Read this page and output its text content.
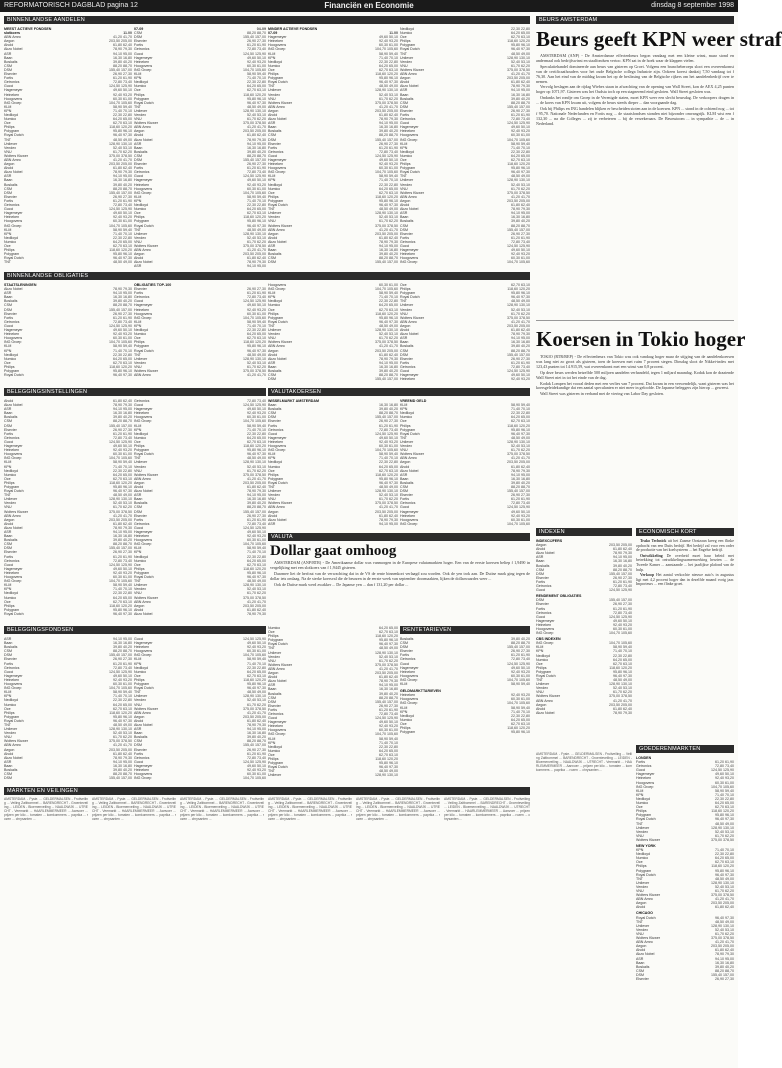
REFORMATORISCH DAGBLAD pagina 12	Financiën en Economie	dinsdag 8 september 1998
BINNENLANDSE AANDELEN
MEEST ACTIEVE FONDSEN
slotkoers	11.00
ABN Amro	41,20 41,70
Aegon	203,50 205,00
Ahold	61,80 62,40
Akzo Nobel	78,90 79,30
ASR	94,10 95,00
Baan	16,30 16,80
Boskalis	39,80 40,20
CSM	88,20 88,70
DSM	155,40 157,00
Elsevier	26,90 27,30
Fortis	61,20 61,90
Getronics	72,80 73,40
Gucci	124,50 125,90
Hagemeyer	49,60 50,10
Heineken	92,40 93,20
Hoogovens	60,30 61,00
ING Groep	104,70 105,60
KLM	58,90 59,40
KPN	71,40 70,10
Nedlloyd	22,30 22,80
Numico	64,20 65,00
Oce	62,70 63,10
Philips	118,60 120,20
Polygram	95,80 96,10
Royal Dutch	96,40 97,30
TNT	48,50 49,00
Unilever	128,90 130,10
Vendex	52,40 53,10
VNU	61,70 62,20
Wolters Kluwer	375,00 378,50
ABN Amro	41,20 41,70
Aegon	203,50 205,00
Ahold	61,80 62,40
Akzo Nobel	78,90 79,30
ASR	94,10 95,00
Baan	16,30 16,80
Boskalis	39,80 40,20
CSM	88,20 88,70
DSM	155,40 157,00
Elsevier	26,90 27,30
Fortis	61,20 61,90
Getronics	72,80 73,40
Gucci	124,50 125,90
Hagemeyer	49,60 50,10
Heineken	92,40 93,20
Hoogovens	60,30 61,00
ING Groep	104,70 105,60
KLM	58,90 59,40
KPN	71,40 70,10
Nedlloyd	22,30 22,80
Numico	64,20 65,00
Oce	62,70 63,10
Philips	118,60 120,20
Polygram	95,80 96,10
Royal Dutch	96,40 97,30
TNT	48,50 49,00
07-09	04-09
CSM	88,20 88,70
DSM	155,40 157,00
Elsevier	26,90 27,30
Fortis	61,20 61,90
Getronics	72,80 73,40
Gucci	124,50 125,90
Hagemeyer	49,60 50,10
Heineken	92,40 93,20
Hoogovens	60,30 61,00
ING Groep	104,70 105,60
KLM	58,90 59,40
KPN	71,40 70,10
Nedlloyd	22,30 22,80
Numico	64,20 65,00
Oce	62,70 63,10
Philips	118,60 120,20
Polygram	95,80 96,10
Royal Dutch	96,40 97,30
TNT	48,50 49,00
Unilever	128,90 130,10
Vendex	52,40 53,10
VNU	61,70 62,20
Wolters Kluwer	375,00 378,50
ABN Amro	41,20 41,70
Aegon	203,50 205,00
Ahold	61,80 62,40
Akzo Nobel	78,90 79,30
ASR	94,10 95,00
Baan	16,30 16,80
Boskalis	39,80 40,20
CSM	88,20 88,70
DSM	155,40 157,00
Elsevier	26,90 27,30
Fortis	61,20 61,90
Getronics	72,80 73,40
Gucci	124,50 125,90
Hagemeyer	49,60 50,10
Heineken	92,40 93,20
Hoogovens	60,30 61,00
ING Groep	104,70 105,60
KLM	58,90 59,40
KPN	71,40 70,10
Nedlloyd	22,30 22,80
Numico	64,20 65,00
Oce	62,70 63,10
Philips	118,60 120,20
Polygram	95,80 96,10
Royal Dutch	96,40 97,30
TNT	48,50 49,00
Unilever	128,90 130,10
Vendex	52,40 53,10
VNU	61,70 62,20
Wolters Kluwer	375,00 378,50
ABN Amro	41,20 41,70
Aegon	203,50 205,00
Ahold	61,80 62,40
Akzo Nobel	78,90 79,30
ASR	94,10 95,00
MINDER ACTIEVE FONDSEN
07-09	11.00
Hagemeyer	49,60 50,10
Heineken	92,40 93,20
Hoogovens	60,30 61,00
ING Groep	104,70 105,60
KLM	58,90 59,40
KPN	71,40 70,10
Nedlloyd	22,30 22,80
Numico	64,20 65,00
Oce	62,70 63,10
Philips	118,60 120,20
Polygram	95,80 96,10
Royal Dutch	96,40 97,30
TNT	48,50 49,00
Unilever	128,90 130,10
Vendex	52,40 53,10
VNU	61,70 62,20
Wolters Kluwer	375,00 378,50
ABN Amro	41,20 41,70
Aegon	203,50 205,00
Ahold	61,80 62,40
Akzo Nobel	78,90 79,30
ASR	94,10 95,00
Baan	16,30 16,80
Boskalis	39,80 40,20
CSM	88,20 88,70
DSM	155,40 157,00
Elsevier	26,90 27,30
Fortis	61,20 61,90
Getronics	72,80 73,40
Gucci	124,50 125,90
Hagemeyer	49,60 50,10
Heineken	92,40 93,20
Hoogovens	60,30 61,00
ING Groep	104,70 105,60
KLM	58,90 59,40
KPN	71,40 70,10
Nedlloyd	22,30 22,80
Numico	64,20 65,00
Oce	62,70 63,10
Philips	118,60 120,20
Polygram	95,80 96,10
Royal Dutch	96,40 97,30
TNT	48,50 49,00
Unilever	128,90 130,10
Vendex	52,40 53,10
VNU	61,70 62,20
Wolters Kluwer	375,00 378,50
ABN Amro	41,20 41,70
Aegon	203,50 205,00
Ahold	61,80 62,40
Akzo Nobel	78,90 79,30
ASR	94,10 95,00
Baan	16,30 16,80
Boskalis	39,80 40,20
CSM	88,20 88,70
DSM	155,40 157,00
Nedlloyd	22,30 22,80
Numico	64,20 65,00
Oce	62,70 63,10
Philips	118,60 120,20
Polygram	95,80 96,10
Royal Dutch	96,40 97,30
TNT	48,50 49,00
Unilever	128,90 130,10
Vendex	52,40 53,10
VNU	61,70 62,20
Wolters Kluwer	375,00 378,50
ABN Amro	41,20 41,70
Aegon	203,50 205,00
Ahold	61,80 62,40
Akzo Nobel	78,90 79,30
ASR	94,10 95,00
Baan	16,30 16,80
Boskalis	39,80 40,20
CSM	88,20 88,70
DSM	155,40 157,00
Elsevier	26,90 27,30
Fortis	61,20 61,90
Getronics	72,80 73,40
Gucci	124,50 125,90
Hagemeyer	49,60 50,10
Heineken	92,40 93,20
Hoogovens	60,30 61,00
ING Groep	104,70 105,60
KLM	58,90 59,40
KPN	71,40 70,10
Nedlloyd	22,30 22,80
Numico	64,20 65,00
Oce	62,70 63,10
Philips	118,60 120,20
Polygram	95,80 96,10
Royal Dutch	96,40 97,30
TNT	48,50 49,00
Unilever	128,90 130,10
Vendex	52,40 53,10
VNU	61,70 62,20
Wolters Kluwer	375,00 378,50
ABN Amro	41,20 41,70
Aegon	203,50 205,00
Ahold	61,80 62,40
Akzo Nobel	78,90 79,30
ASR	94,10 95,00
Baan	16,30 16,80
Boskalis	39,80 40,20
CSM	88,20 88,70
DSM	155,40 157,00
Elsevier	26,90 27,30
Fortis	61,20 61,90
Getronics	72,80 73,40
Gucci	124,50 125,90
Hagemeyer	49,60 50,10
Heineken	92,40 93,20
Hoogovens	60,30 61,00
ING Groep	104,70 105,60
BINNENLANDSE OBLIGATIES
STAATSLENINGEN
Akzo Nobel	78,90 79,30
ASR	94,10 95,00
Baan	16,30 16,80
Boskalis	39,80 40,20
CSM	88,20 88,70
DSM	155,40 157,00
Elsevier	26,90 27,30
Fortis	61,20 61,90
Getronics	72,80 73,40
Gucci	124,50 125,90
Hagemeyer	49,60 50,10
Heineken	92,40 93,20
Hoogovens	60,30 61,00
ING Groep	104,70 105,60
KLM	58,90 59,40
KPN	71,40 70,10
Nedlloyd	22,30 22,80
Numico	64,20 65,00
Oce	62,70 63,10
Philips	118,60 120,20
Polygram	95,80 96,10
Royal Dutch	96,40 97,30
OBLIGATIES TOP-100
Elsevier	26,90 27,30
Fortis	61,20 61,90
Getronics	72,80 73,40
Gucci	124,50 125,90
Hagemeyer	49,60 50,10
Heineken	92,40 93,20
Hoogovens	60,30 61,00
ING Groep	104,70 105,60
KLM	58,90 59,40
KPN	71,40 70,10
Nedlloyd	22,30 22,80
Numico	64,20 65,00
Oce	62,70 63,10
Philips	118,60 120,20
Polygram	95,80 96,10
Royal Dutch	96,40 97,30
TNT	48,50 49,00
Unilever	128,90 130,10
Vendex	52,40 53,10
VNU	61,70 62,20
Wolters Kluwer	375,00 378,50
ABN Amro	41,20 41,70
Hoogovens	60,30 61,00
ING Groep	104,70 105,60
KLM	58,90 59,40
KPN	71,40 70,10
Nedlloyd	22,30 22,80
Numico	64,20 65,00
Oce	62,70 63,10
Philips	118,60 120,20
Polygram	95,80 96,10
Royal Dutch	96,40 97,30
TNT	48,50 49,00
Unilever	128,90 130,10
Vendex	52,40 53,10
VNU	61,70 62,20
Wolters Kluwer	375,00 378,50
ABN Amro	41,20 41,70
Aegon	203,50 205,00
Ahold	61,80 62,40
Akzo Nobel	78,90 79,30
ASR	94,10 95,00
Baan	16,30 16,80
Boskalis	39,80 40,20
CSM	88,20 88,70
DSM	155,40 157,00
Oce	62,70 63,10
Philips	118,60 120,20
Polygram	95,80 96,10
Royal Dutch	96,40 97,30
TNT	48,50 49,00
Unilever	128,90 130,10
Vendex	52,40 53,10
VNU	61,70 62,20
Wolters Kluwer	375,00 378,50
ABN Amro	41,20 41,70
Aegon	203,50 205,00
Ahold	61,80 62,40
Akzo Nobel	78,90 79,30
ASR	94,10 95,00
Baan	16,30 16,80
Boskalis	39,80 40,20
CSM	88,20 88,70
DSM	155,40 157,00
Elsevier	26,90 27,30
Fortis	61,20 61,90
Getronics	72,80 73,40
Gucci	124,50 125,90
Hagemeyer	49,60 50,10
Heineken	92,40 93,20
BELEGGINGSINSTELLINGEN
Ahold	61,80 62,40
Akzo Nobel	78,90 79,30
ASR	94,10 95,00
Baan	16,30 16,80
Boskalis	39,80 40,20
CSM	88,20 88,70
DSM	155,40 157,00
Elsevier	26,90 27,30
Fortis	61,20 61,90
Getronics	72,80 73,40
Gucci	124,50 125,90
Hagemeyer	49,60 50,10
Heineken	92,40 93,20
Hoogovens	60,30 61,00
ING Groep	104,70 105,60
KLM	58,90 59,40
KPN	71,40 70,10
Nedlloyd	22,30 22,80
Numico	64,20 65,00
Oce	62,70 63,10
Philips	118,60 120,20
Polygram	95,80 96,10
Royal Dutch	96,40 97,30
TNT	48,50 49,00
Unilever	128,90 130,10
Vendex	52,40 53,10
VNU	61,70 62,20
Wolters Kluwer	375,00 378,50
ABN Amro	41,20 41,70
Aegon	203,50 205,00
Ahold	61,80 62,40
Akzo Nobel	78,90 79,30
ASR	94,10 95,00
Baan	16,30 16,80
Boskalis	39,80 40,20
CSM	88,20 88,70
DSM	155,40 157,00
Elsevier	26,90 27,30
Fortis	61,20 61,90
Getronics	72,80 73,40
Gucci	124,50 125,90
Hagemeyer	49,60 50,10
Heineken	92,40 93,20
Hoogovens	60,30 61,00
ING Groep	104,70 105,60
KLM	58,90 59,40
KPN	71,40 70,10
Nedlloyd	22,30 22,80
Numico	64,20 65,00
Oce	62,70 63,10
Philips	118,60 120,20
Polygram	95,80 96,10
Royal Dutch	96,40 97,30
Getronics	72,80 73,40
Gucci	124,50 125,90
Hagemeyer	49,60 50,10
Heineken	92,40 93,20
Hoogovens	60,30 61,00
ING Groep	104,70 105,60
KLM	58,90 59,40
KPN	71,40 70,10
Nedlloyd	22,30 22,80
Numico	64,20 65,00
Oce	62,70 63,10
Philips	118,60 120,20
Polygram	95,80 96,10
Royal Dutch	96,40 97,30
TNT	48,50 49,00
Unilever	128,90 130,10
Vendex	52,40 53,10
VNU	61,70 62,20
Wolters Kluwer	375,00 378,50
ABN Amro	41,20 41,70
Aegon	203,50 205,00
Ahold	61,80 62,40
Akzo Nobel	78,90 79,30
ASR	94,10 95,00
Baan	16,30 16,80
Boskalis	39,80 40,20
CSM	88,20 88,70
DSM	155,40 157,00
Elsevier	26,90 27,30
Fortis	61,20 61,90
Getronics	72,80 73,40
Gucci	124,50 125,90
Hagemeyer	49,60 50,10
Heineken	92,40 93,20
Hoogovens	60,30 61,00
ING Groep	104,70 105,60
KLM	58,90 59,40
KPN	71,40 70,10
Nedlloyd	22,30 22,80
Numico	64,20 65,00
Oce	62,70 63,10
Philips	118,60 120,20
Polygram	95,80 96,10
Royal Dutch	96,40 97,30
TNT	48,50 49,00
Unilever	128,90 130,10
Vendex	52,40 53,10
VNU	61,70 62,20
Wolters Kluwer	375,00 378,50
ABN Amro	41,20 41,70
Aegon	203,50 205,00
Ahold	61,80 62,40
Akzo Nobel	78,90 79,30
VALUTAKOERSEN
WISSELMARKT AMSTERDAM
Baan	16,30 16,80
Boskalis	39,80 40,20
CSM	88,20 88,70
DSM	155,40 157,00
Elsevier	26,90 27,30
Fortis	61,20 61,90
Getronics	72,80 73,40
Gucci	124,50 125,90
Hagemeyer	49,60 50,10
Heineken	92,40 93,20
Hoogovens	60,30 61,00
ING Groep	104,70 105,60
KLM	58,90 59,40
KPN	71,40 70,10
Nedlloyd	22,30 22,80
Numico	64,20 65,00
Oce	62,70 63,10
Philips	118,60 120,20
Polygram	95,80 96,10
Royal Dutch	96,40 97,30
TNT	48,50 49,00
Unilever	128,90 130,10
Vendex	52,40 53,10
VNU	61,70 62,20
Wolters Kluwer	375,00 378,50
ABN Amro	41,20 41,70
Aegon	203,50 205,00
Ahold	61,80 62,40
Akzo Nobel	78,90 79,30
ASR	94,10 95,00
VREEMD GELD
KLM	58,90 59,40
KPN	71,40 70,10
Nedlloyd	22,30 22,80
Numico	64,20 65,00
Oce	62,70 63,10
Philips	118,60 120,20
Polygram	95,80 96,10
Royal Dutch	96,40 97,30
TNT	48,50 49,00
Unilever	128,90 130,10
Vendex	52,40 53,10
VNU	61,70 62,20
Wolters Kluwer	375,00 378,50
ABN Amro	41,20 41,70
Aegon	203,50 205,00
Ahold	61,80 62,40
Akzo Nobel	78,90 79,30
ASR	94,10 95,00
Baan	16,30 16,80
Boskalis	39,80 40,20
CSM	88,20 88,70
DSM	155,40 157,00
Elsevier	26,90 27,30
Fortis	61,20 61,90
Getronics	72,80 73,40
Gucci	124,50 125,90
Hagemeyer	49,60 50,10
Heineken	92,40 93,20
Hoogovens	60,30 61,00
ING Groep	104,70 105,60
VALUTA
Dollar gaat omhoog

AMSTERDAM (ANP/RTR) - De Amerikaanse dollar was vanmorgen in de Europese valutamarkten hoger. Een van de eerste koersen beliep f 1,9490 in vergelijking met een slotkoers van f 1,9445 gisteren.

Daarmee liet de herfout van de verwachting dat in de VS de rente binnenkort verlaagd zou worden. Ook de yen trok aan. De Duitse mark ging tegen de dollar iets omlaag. Na de sterke koersval die de beurzen in de eerste week van september doormaakten, lijken de dollarwaardes weer ...

Ook de Duitse mark werd zwakker ... De Japanse yen ... dan f 131,20 per dollar ...

BELEGGINGSFONDSEN
ASR	94,10 95,00
Baan	16,30 16,80
Boskalis	39,80 40,20
CSM	88,20 88,70
DSM	155,40 157,00
Elsevier	26,90 27,30
Fortis	61,20 61,90
Getronics	72,80 73,40
Gucci	124,50 125,90
Hagemeyer	49,60 50,10
Heineken	92,40 93,20
Hoogovens	60,30 61,00
ING Groep	104,70 105,60
KLM	58,90 59,40
KPN	71,40 70,10
Nedlloyd	22,30 22,80
Numico	64,20 65,00
Oce	62,70 63,10
Philips	118,60 120,20
Polygram	95,80 96,10
Royal Dutch	96,40 97,30
TNT	48,50 49,00
Unilever	128,90 130,10
Vendex	52,40 53,10
VNU	61,70 62,20
Wolters Kluwer	375,00 378,50
ABN Amro	41,20 41,70
Aegon	203,50 205,00
Ahold	61,80 62,40
Akzo Nobel	78,90 79,30
ASR	94,10 95,00
Baan	16,30 16,80
Boskalis	39,80 40,20
CSM	88,20 88,70
DSM	155,40 157,00
Gucci	124,50 125,90
Hagemeyer	49,60 50,10
Heineken	92,40 93,20
Hoogovens	60,30 61,00
ING Groep	104,70 105,60
KLM	58,90 59,40
KPN	71,40 70,10
Nedlloyd	22,30 22,80
Numico	64,20 65,00
Oce	62,70 63,10
Philips	118,60 120,20
Polygram	95,80 96,10
Royal Dutch	96,40 97,30
TNT	48,50 49,00
Unilever	128,90 130,10
Vendex	52,40 53,10
VNU	61,70 62,20
Wolters Kluwer	375,00 378,50
ABN Amro	41,20 41,70
Aegon	203,50 205,00
Ahold	61,80 62,40
Akzo Nobel	78,90 79,30
ASR	94,10 95,00
Baan	16,30 16,80
Boskalis	39,80 40,20
CSM	88,20 88,70
DSM	155,40 157,00
Elsevier	26,90 27,30
Fortis	61,20 61,90
Getronics	72,80 73,40
Gucci	124,50 125,90
Hagemeyer	49,60 50,10
Heineken	92,40 93,20
Hoogovens	60,30 61,00
ING Groep	104,70 105,60
Numico	64,20 65,00
Oce	62,70 63,10
Philips	118,60 120,20
Polygram	95,80 96,10
Royal Dutch	96,40 97,30
TNT	48,50 49,00
Unilever	128,90 130,10
Vendex	52,40 53,10
VNU	61,70 62,20
Wolters Kluwer	375,00 378,50
ABN Amro	41,20 41,70
Aegon	203,50 205,00
Ahold	61,80 62,40
Akzo Nobel	78,90 79,30
ASR	94,10 95,00
Baan	16,30 16,80
Boskalis	39,80 40,20
CSM	88,20 88,70
DSM	155,40 157,00
Elsevier	26,90 27,30
Fortis	61,20 61,90
Getronics	72,80 73,40
Gucci	124,50 125,90
Hagemeyer	49,60 50,10
Heineken	92,40 93,20
Hoogovens	60,30 61,00
ING Groep	104,70 105,60
KLM	58,90 59,40
KPN	71,40 70,10
Nedlloyd	22,30 22,80
Numico	64,20 65,00
Oce	62,70 63,10
Philips	118,60 120,20
Polygram	95,80 96,10
Royal Dutch	96,40 97,30
TNT	48,50 49,00
Unilever	128,90 130,10
RENTETARIEVEN
Boskalis	39,80 40,20
CSM	88,20 88,70
DSM	155,40 157,00
Elsevier	26,90 27,30
Fortis	61,20 61,90
Getronics	72,80 73,40
Gucci	124,50 125,90
Hagemeyer	49,60 50,10
Heineken	92,40 93,20
Hoogovens	60,30 61,00
ING Groep	104,70 105,60
KLM	58,90 59,40
GELDMARKTTARIEVEN
Heineken	92,40 93,20
Hoogovens	60,30 61,00
ING Groep	104,70 105,60
KLM	58,90 59,40
KPN	71,40 70,10
Nedlloyd	22,30 22,80
Numico	64,20 65,00
Oce	62,70 63,10
Philips	118,60 120,20
Polygram	95,80 96,10
MARKTEN EN VEILINGEN
AMSTERDAM. - Fysie. ... GELDERMALSEN - Fruitveiling ... Veiling Zaltbommel ... BARENDRECHT - Groenteveiling ... LEIDEN - Bloemenveiling ... NAALDWIJK ... UTRECHT - Veemarkt ... HAARLEMMERMEER ... Aanvoer ... prijzen per kilo ... tomaten ... komkommers ... paprika ... rozen ... chrysanten ...
AMSTERDAM. - Fysie. ... GELDERMALSEN - Fruitveiling ... Veiling Zaltbommel ... BARENDRECHT - Groenteveiling ... LEIDEN - Bloemenveiling ... NAALDWIJK ... UTRECHT - Veemarkt ... HAARLEMMERMEER ... Aanvoer ... prijzen per kilo ... tomaten ... komkommers ... paprika ... rozen ... chrysanten ...
AMSTERDAM. - Fysie. ... GELDERMALSEN - Fruitveiling ... Veiling Zaltbommel ... BARENDRECHT - Groenteveiling ... LEIDEN - Bloemenveiling ... NAALDWIJK ... UTRECHT - Veemarkt ... HAARLEMMERMEER ... Aanvoer ... prijzen per kilo ... tomaten ... komkommers ... paprika ... rozen ... chrysanten ...
AMSTERDAM. - Fysie. ... GELDERMALSEN - Fruitveiling ... Veiling Zaltbommel ... BARENDRECHT - Groenteveiling ... LEIDEN - Bloemenveiling ... NAALDWIJK ... UTRECHT - Veemarkt ... HAARLEMMERMEER ... Aanvoer ... prijzen per kilo ... tomaten ... komkommers ... paprika ... rozen ... chrysanten ...
AMSTERDAM. - Fysie. ... GELDERMALSEN - Fruitveiling ... Veiling Zaltbommel ... BARENDRECHT - Groenteveiling ... LEIDEN - Bloemenveiling ... NAALDWIJK ... UTRECHT - Veemarkt ... HAARLEMMERMEER ... Aanvoer ... prijzen per kilo ... tomaten ... komkommers ... paprika ... rozen ... chrysanten ...
AMSTERDAM. - Fysie. ... GELDERMALSEN - Fruitveiling ... Veiling Zaltbommel ... BARENDRECHT - Groenteveiling ... LEIDEN - Bloemenveiling ... NAALDWIJK ... UTRECHT - Veemarkt ... HAARLEMMERMEER ... Aanvoer ... prijzen per kilo ... tomaten ... komkommers ... paprika ... rozen ... chrysanten ...
BEURS AMSTERDAM
Beurs geeft KPN weer straf

AMSTERDAM (ANP) - De Amsterdamse effectenbeurs begon vandaag met een kleine winst, maar stond en andermaal ook bedrijfswinst en staalfondsen vertoo. KPN zat in de hoek waar de klappen vielen.

Speculatiehandel domineerde aan beurs van gisteren op Groei. Volgens een brancheberoeps sloot een overeenkomst van de certificaathouders voor het oude Belgische collega Industrie zijn. Ookeen koerst dankzij 7,50 vandaag tot f 76,30. Aan het eind van de middag kwam het op de beslissing van de Belgische rijkers om het aandelenbedrijf over te nemen.

Vervolg beslagen aan de rijdag Wiebes staan in afwachting van de opening van Wall Street, kon de AEX 4,25 punten hoger op 1071,97. Gisteren was het Oudsta toch op een stagnerend eind gesloten. Wall Street gesloten was.

Ondanks het rondje om Groep in de Verenigde staten, moet KPN weer een slecht beursdag. De verkoopers dragen in ... de koers van KPN kwam uit, volgens de beurs steeds dieper ... dan voorgaande dag.

Ook bij Philips en ING handelen blijken er bescheiden stoten aan in de koersen. KPN ... stond in de ochtend nog ... tot f 95,70. Nationale Nederlanden en Fortis nog ... de staatsfondsen stonden niet bijzonder omvangrijk. KLM wist een f 132,30 ... na die Colleges ... zij te verbeteren ... bij de verzekeraars. De Beursstoom ... in sympathie ... de ... in Nederland.

Koersen in Tokio hoger

TOKIO (RTR/REP) - De effectenbeurs van Tokio was ook vandaag hoger maar de stijging van de aandelenkoersen was lang niet zo groot als gisteren, toen de koersen met ruim 7 procent stegen. Dinsdag sloot de Nikkei-index met 123,43 punten tot 14.915,59, wat overeenkomt met een winst van 0,8 procent.

Op deze beurs werden hetzelfde 500 miljoen aandelen verhandeld, tegen 1 miljard maandag. Kodak kon de draaiende Wall Street niet in tot het einde van de dag.

Kodak Lompen het vooral deden met een verlies van 7 procent. Dat kwam in een verwendelijk, want gisteren was het koersgeleidekundige dat een aantal speculanten er niet meer in geloofde. De Japanse beleggers zijn hierop ... geweest.

Wall Street was gisteren in verband met de viering van Labor Day gesloten.

INDEXEN
INDEXCIJFERS
Aegon	203,50 205,00
Ahold	61,80 62,40
Akzo Nobel	78,90 79,30
ASR	94,10 95,00
Baan	16,30 16,80
Boskalis	39,80 40,20
CSM	88,20 88,70
DSM	155,40 157,00
Elsevier	26,90 27,30
Fortis	61,20 61,90
Getronics	72,80 73,40
Gucci	124,50 125,90
RENDEMENT OBLIGATIES
DSM	155,40 157,00
Elsevier	26,90 27,30
Fortis	61,20 61,90
Getronics	72,80 73,40
Gucci	124,50 125,90
Hagemeyer	49,60 50,10
Heineken	92,40 93,20
Hoogovens	60,30 61,00
ING Groep	104,70 105,60
CBS INDEXEN
ING Groep	104,70 105,60
KLM	58,90 59,40
KPN	71,40 70,10
Nedlloyd	22,30 22,80
Numico	64,20 65,00
Oce	62,70 63,10
Philips	118,60 120,20
Polygram	95,80 96,10
Royal Dutch	96,40 97,30
TNT	48,50 49,00
Unilever	128,90 130,10
Vendex	52,40 53,10
VNU	61,70 62,20
Wolters Kluwer	375,00 378,50
ABN Amro	41,20 41,70
Aegon	203,50 205,00
Ahold	61,80 62,40
Akzo Nobel	78,90 79,30
ECONOMISCH KORT

Trako Technick uit het Zaanse Oostzaan kreeg een flinke opdracht van een Duits bedrijf. Het bedrijf zal voor een order de productie van het koelsysteem ... het Engelse bedrijf.

Ontwikkeling De overheid moet haar beleid met betrekking tot ontwikkelingssamenwerking herzien ... de Tweede Kamer ... aanstaande ... het jaarlijkse plafond van de hulp.

Verkoop Het aantal verkochte nieuwe auto's in augustus ligt met 4,2 procent hoger dan in dezelfde maand vorig jaar. Importeurs ... een flinke groei.

GOEDERENMARKTEN
LONDEN
Fortis	61,20 61,90
Getronics	72,80 73,40
Gucci	124,50 125,90
Hagemeyer	49,60 50,10
Heineken	92,40 93,20
Hoogovens	60,30 61,00
ING Groep	104,70 105,60
KLM	58,90 59,40
KPN	71,40 70,10
Nedlloyd	22,30 22,80
Numico	64,20 65,00
Oce	62,70 63,10
Philips	118,60 120,20
Polygram	95,80 96,10
Royal Dutch	96,40 97,30
TNT	48,50 49,00
Unilever	128,90 130,10
Vendex	52,40 53,10
VNU	61,70 62,20
Wolters Kluwer	375,00 378,50
NEW YORK
KPN	71,40 70,10
Nedlloyd	22,30 22,80
Numico	64,20 65,00
Oce	62,70 63,10
Philips	118,60 120,20
Polygram	95,80 96,10
Royal Dutch	96,40 97,30
TNT	48,50 49,00
Unilever	128,90 130,10
Vendex	52,40 53,10
VNU	61,70 62,20
Wolters Kluwer	375,00 378,50
ABN Amro	41,20 41,70
Aegon	203,50 205,00
Ahold	61,80 62,40
CHICAGO
Royal Dutch	96,40 97,30
TNT	48,50 49,00
Unilever	128,90 130,10
Vendex	52,40 53,10
VNU	61,70 62,20
Wolters Kluwer	375,00 378,50
ABN Amro	41,20 41,70
Aegon	203,50 205,00
Ahold	61,80 62,40
Akzo Nobel	78,90 79,30
ASR	94,10 95,00
Baan	16,30 16,80
Boskalis	39,80 40,20
CSM	88,20 88,70
DSM	155,40 157,00
Elsevier	26,90 27,30
AMSTERDAM. - Fysie. ... GELDERMALSEN - Fruitveiling ... Veiling Zaltbommel ... BARENDRECHT - Groenteveiling ... LEIDEN - Bloemenveiling ... NAALDWIJK ... UTRECHT - Veemarkt ... HAARLEMMERMEER ... Aanvoer ... prijzen per kilo ... tomaten ... komkommers ... paprika ... rozen ... chrysanten ...
